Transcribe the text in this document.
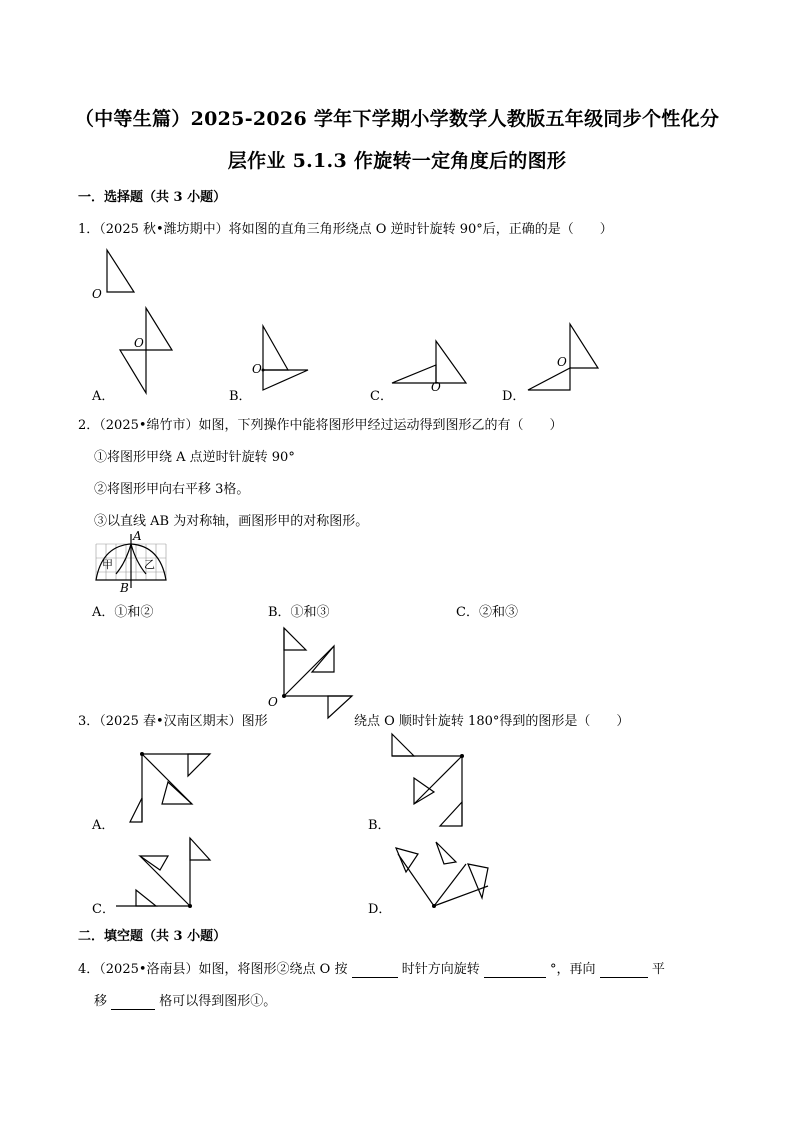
（中等生篇）2025-2026 学年下学期小学数学人教版五年级同步个性化分
层作业 5.1.3 作旋转一定角度后的图形
一．选择题（共 3 小题）
1．（2025 秋•潍坊期中）将如图的直角三角形绕点 O 逆时针旋转 90°后，正确的是（　　）
O
O
A．
O
B．
O
C．
O
D．
2．（2025•绵竹市）如图，下列操作中能将图形甲经过运动得到图形乙的有（　　）
①将图形甲绕 A 点逆时针旋转 90°
②将图形甲向右平移 3格。
③以直线 AB 为对称轴，画图形甲的对称图形。
A
B
甲	乙
A．①和②	B．①和③	C．②和③
O
3．（2025 春•汉南区期末）图形	绕点 O 顺时针旋转 180°得到的图形是（　　）
A．	B．
C．	D．
二．填空题（共 3 小题）
4．（2025•洛南县）如图，将图形②绕点 O 按	时针方向旋转	°，再向	平
移	格可以得到图形①。
